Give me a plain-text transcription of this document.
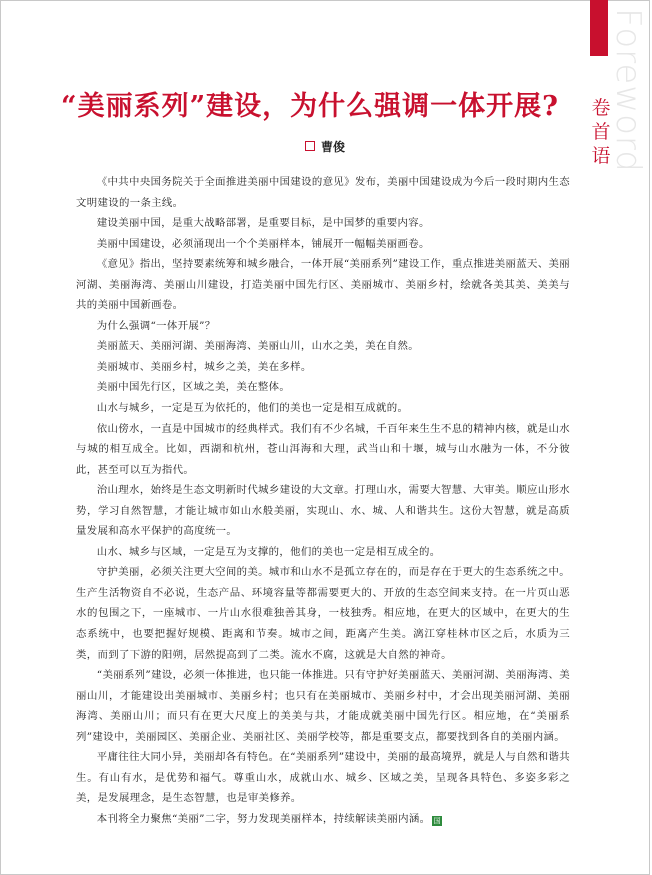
Foreword
卷
首
语
“美丽系列”建设，为什么强调一体开展?
曹俊

《中共中央国务院关于全面推进美丽中国建设的意见》发布，美丽中国建设成为今后一段时期内生态文明建设的一条主线。

建设美丽中国，是重大战略部署，是重要目标，是中国梦的重要内容。

美丽中国建设，必须涌现出一个个美丽样本，铺展开一幅幅美丽画卷。

《意见》指出，坚持要素统筹和城乡融合，一体开展“美丽系列”建设工作，重点推进美丽蓝天、美丽河湖、美丽海湾、美丽山川建设，打造美丽中国先行区、美丽城市、美丽乡村，绘就各美其美、美美与共的美丽中国新画卷。

为什么强调“一体开展”？

美丽蓝天、美丽河湖、美丽海湾、美丽山川，山水之美，美在自然。

美丽城市、美丽乡村，城乡之美，美在多样。

美丽中国先行区，区域之美，美在整体。

山水与城乡，一定是互为依托的，他们的美也一定是相互成就的。

依山傍水，一直是中国城市的经典样式。我们有不少名城，千百年来生生不息的精神内核，就是山水与城的相互成全。比如，西湖和杭州，苍山洱海和大理，武当山和十堰，城与山水融为一体，不分彼此，甚至可以互为指代。

治山理水，始终是生态文明新时代城乡建设的大文章。打理山水，需要大智慧、大审美。顺应山形水势，学习自然智慧，才能让城市如山水般美丽，实现山、水、城、人和谐共生。这份大智慧，就是高质量发展和高水平保护的高度统一。

山水、城乡与区域，一定是互为支撑的，他们的美也一定是相互成全的。

守护美丽，必须关注更大空间的美。城市和山水不是孤立存在的，而是存在于更大的生态系统之中。生产生活物资自不必说，生态产品、环境容量等都需要更大的、开放的生态空间来支持。在一片页山恶水的包围之下，一座城市、一片山水很难独善其身，一枝独秀。相应地，在更大的区域中，在更大的生态系统中，也要把握好规模、距离和节奏。城市之间，距离产生美。漓江穿桂林市区之后，水质为三类，而到了下游的阳朔，居然提高到了二类。流水不腐，这就是大自然的神奇。

“美丽系列”建设，必须一体推进，也只能一体推进。只有守护好美丽蓝天、美丽河湖、美丽海湾、美丽山川，才能建设出美丽城市、美丽乡村；也只有在美丽城市、美丽乡村中，才会出现美丽河湖、美丽海湾、美丽山川；而只有在更大尺度上的美美与共，才能成就美丽中国先行区。相应地，在“美丽系列”建设中，美丽园区、美丽企业、美丽社区、美丽学校等，都是重要支点，都要找到各自的美丽内涵。

平庸往往大同小异，美丽却各有特色。在“美丽系列”建设中，美丽的最高境界，就是人与自然和谐共生。有山有水，是优势和福气。尊重山水，成就山水、城乡、区域之美，呈现各具特色、多姿多彩之美，是发展理念，是生态智慧，也是审美修养。

本刊将全力聚焦“美丽”二字，努力发现美丽样本，持续解读美丽内涵。 国
